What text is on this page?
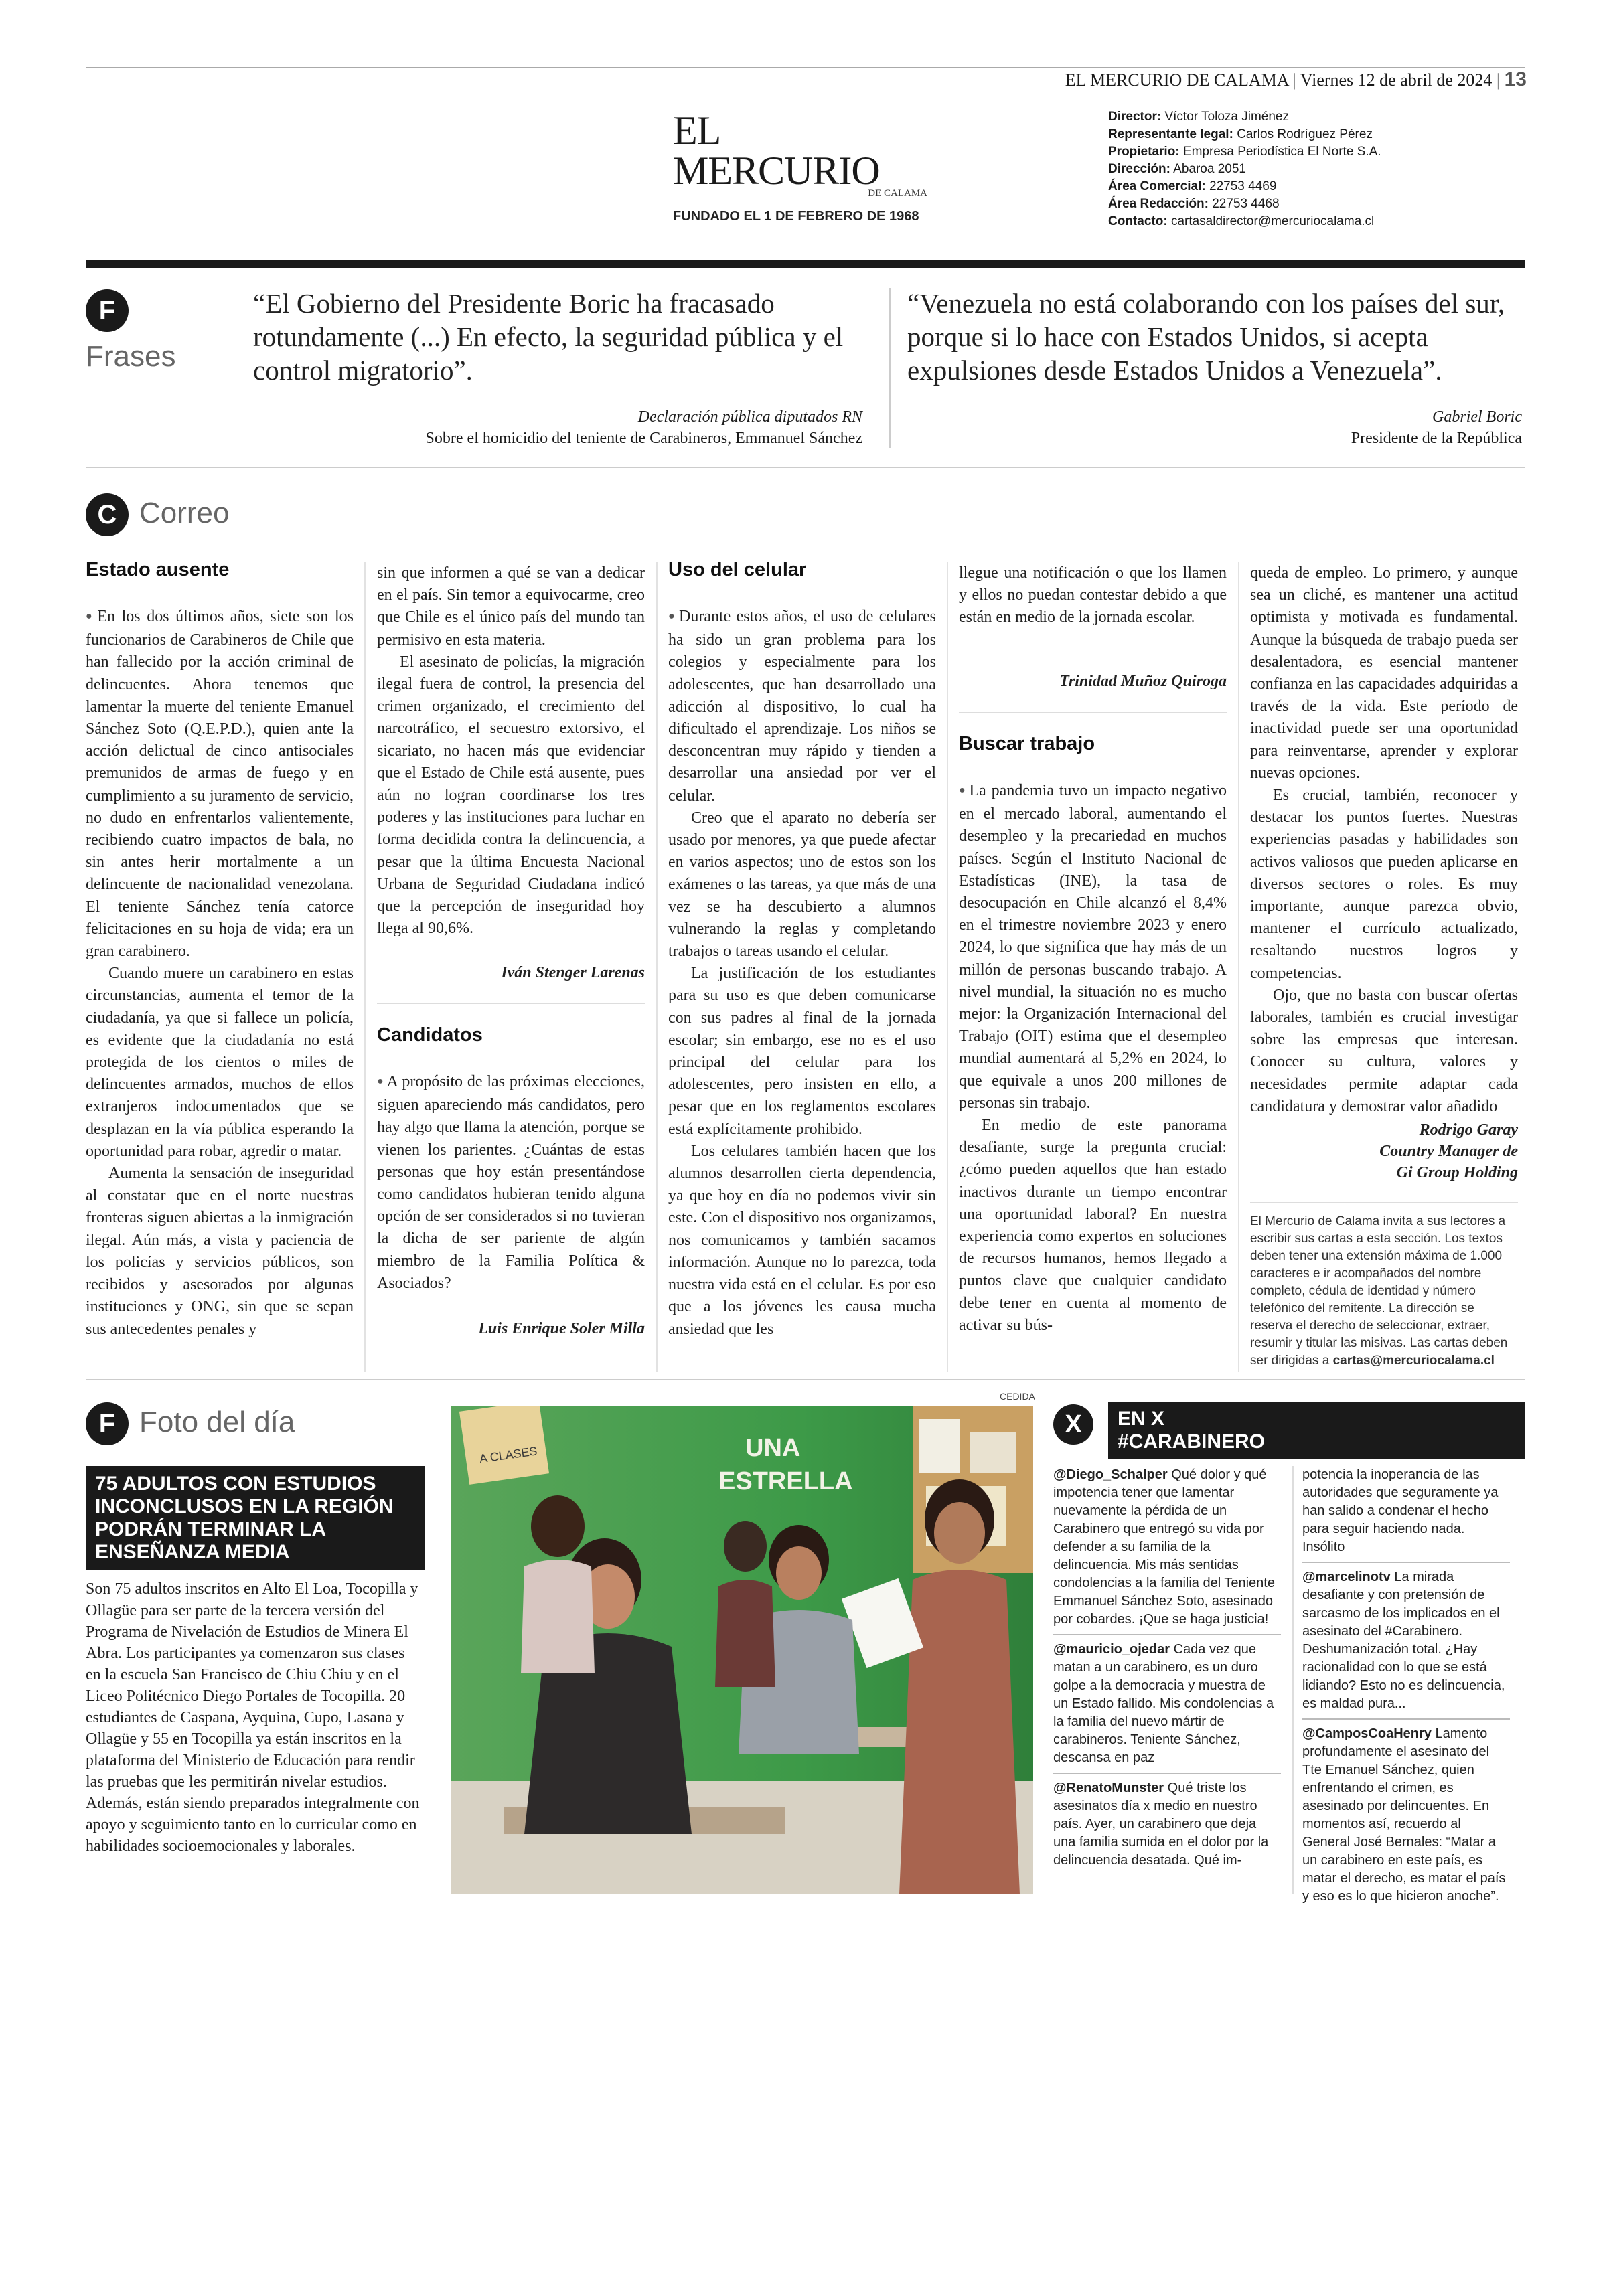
EL MERCURIO DE CALAMA | Viernes 12 de abril de 2024 | 13
EL MERCURIO
DE CALAMA
FUNDADO EL 1 DE FEBRERO DE 1968
Director: Víctor Toloza Jiménez
Representante legal: Carlos Rodríguez Pérez
Propietario: Empresa Periodística El Norte S.A.
Dirección: Abaroa 2051
Área Comercial: 22753 4469
Área Redacción: 22753 4468
Contacto: cartasaldirector@mercuriocalama.cl
F
Frases
“El Gobierno del Presidente Boric ha fracasado rotundamente (...) En efecto, la seguridad pública y el control migratorio”.
Declaración pública diputados RN
Sobre el homicidio del teniente de Carabineros, Emmanuel Sánchez
“Venezuela no está colaborando con los países del sur, porque si lo hace con Estados Unidos, si acepta expulsiones desde Estados Unidos a Venezuela”.
Gabriel Boric
Presidente de la República
C Correo
Estado ausente

● En los dos últimos años, siete son los funcionarios de Carabineros de Chile que han fallecido por la acción criminal de delincuentes. Ahora tenemos que lamentar la muerte del teniente Emanuel Sánchez Soto (Q.E.P.D.), quien ante la acción delictual de cinco antisociales premunidos de armas de fuego y en cumplimiento a su juramento de servicio, no dudo en enfrentarlos valientemente, recibiendo cuatro impactos de bala, no sin antes herir mortalmente a un delincuente de nacionalidad venezolana. El teniente Sánchez tenía catorce felicitaciones en su hoja de vida; era un gran carabinero.

Cuando muere un carabinero en estas circunstancias, aumenta el temor de la ciudadanía, ya que si fallece un policía, es evidente que la ciudadanía no está protegida de los cientos o miles de delincuentes armados, muchos de ellos extranjeros indocumentados que se desplazan en la vía pública esperando la oportunidad para robar, agredir o matar.

Aumenta la sensación de inseguridad al constatar que en el norte nuestras fronteras siguen abiertas a la inmigración ilegal. Aún más, a vista y paciencia de los policías y servicios públicos, son recibidos y asesorados por algunas instituciones y ONG, sin que se sepan sus antecedentes penales y

sin que informen a qué se van a dedicar en el país. Sin temor a equivocarme, creo que Chile es el único país del mundo tan permisivo en esta materia.

El asesinato de policías, la migración ilegal fuera de control, la presencia del crimen organizado, el crecimiento del narcotráfico, el secuestro extorsivo, el sicariato, no hacen más que evidenciar que el Estado de Chile está ausente, pues aún no logran coordinarse los tres poderes y las instituciones para luchar en forma decidida contra la delincuencia, a pesar que la última Encuesta Nacional Urbana de Seguridad Ciudadana indicó que la percepción de inseguridad hoy llega al 90,6%.

Iván Stenger Larenas
Candidatos

● A propósito de las próximas elecciones, siguen apareciendo más candidatos, pero hay algo que llama la atención, porque se vienen los parientes. ¿Cuántas de estas personas que hoy están presentándose como candidatos hubieran tenido alguna opción de ser considerados si no tuvieran la dicha de ser pariente de algún miembro de la Familia Política & Asociados?

Luis Enrique Soler Milla
Uso del celular

● Durante estos años, el uso de celulares ha sido un gran problema para los colegios y especialmente para los adolescentes, que han desarrollado una adicción al dispositivo, lo cual ha dificultado el aprendizaje. Los niños se desconcentran muy rápido y tienden a desarrollar una ansiedad por ver el celular.

Creo que el aparato no debería ser usado por menores, ya que puede afectar en varios aspectos; uno de estos son los exámenes o las tareas, ya que más de una vez se ha descubierto a alumnos vulnerando la reglas y completando trabajos o tareas usando el celular.

La justificación de los estudiantes para su uso es que deben comunicarse con sus padres al final de la jornada escolar; sin embargo, ese no es el uso principal del celular para los adolescentes, pero insisten en ello, a pesar que en los reglamentos escolares está explícitamente prohibido.

Los celulares también hacen que los alumnos desarrollen cierta dependencia, ya que hoy en día no podemos vivir sin este. Con el dispositivo nos organizamos, nos comunicamos y también sacamos información. Aunque no lo parezca, toda nuestra vida está en el celular. Es por eso que a los jóvenes les causa mucha ansiedad que les

llegue una notificación o que los llamen y ellos no puedan contestar debido a que están en medio de la jornada escolar.

Trinidad Muñoz Quiroga
Buscar trabajo

● La pandemia tuvo un impacto negativo en el mercado laboral, aumentando el desempleo y la precariedad en muchos países. Según el Instituto Nacional de Estadísticas (INE), la tasa de desocupación en Chile alcanzó el 8,4% en el trimestre noviembre 2023 y enero 2024, lo que significa que hay más de un millón de personas buscando trabajo. A nivel mundial, la situación no es mucho mejor: la Organización Internacional del Trabajo (OIT) estima que el desempleo mundial aumentará al 5,2% en 2024, lo que equivale a unos 200 millones de personas sin trabajo.

En medio de este panorama desafiante, surge la pregunta crucial: ¿cómo pueden aquellos que han estado inactivos durante un tiempo encontrar una oportunidad laboral? En nuestra experiencia como expertos en soluciones de recursos humanos, hemos llegado a puntos clave que cualquier candidato debe tener en cuenta al momento de activar su bús-

queda de empleo. Lo primero, y aunque sea un cliché, es mantener una actitud optimista y motivada es fundamental. Aunque la búsqueda de trabajo pueda ser desalentadora, es esencial mantener confianza en las capacidades adquiridas a través de la vida. Este período de inactividad puede ser una oportunidad para reinventarse, aprender y explorar nuevas opciones.

Es crucial, también, reconocer y destacar los puntos fuertes. Nuestras experiencias pasadas y habilidades son activos valiosos que pueden aplicarse en diversos sectores o roles. Es muy importante, aunque parezca obvio, mantener el currículo actualizado, resaltando nuestros logros y competencias.

Ojo, que no basta con buscar ofertas laborales, también es crucial investigar sobre las empresas que interesan. Conocer su cultura, valores y necesidades permite adaptar cada candidatura y demostrar valor añadido

Rodrigo Garay
Country Manager de
Gi Group Holding
El Mercurio de Calama invita a sus lectores a escribir sus cartas a esta sección. Los textos deben tener una extensión máxima de 1.000 caracteres e ir acompañados del nombre completo, cédula de identidad y número telefónico del remitente. La dirección se reserva el derecho de seleccionar, extraer, resumir y titular las misivas. Las cartas deben ser dirigidas a cartas@mercuriocalama.cl
F Foto del día
75 ADULTOS CON ESTUDIOS INCONCLUSOS EN LA REGIÓN PODRÁN TERMINAR LA ENSEÑANZA MEDIA
Son 75 adultos inscritos en Alto El Loa, Tocopilla y Ollagüe para ser parte de la tercera versión del Programa de Nivelación de Estudios de Minera El Abra. Los participantes ya comenzaron sus clases en la escuela San Francisco de Chiu Chiu y en el Liceo Politécnico Diego Portales de Tocopilla. 20 estudiantes de Caspana, Ayquina, Cupo, Lasana y Ollagüe y 55 en Tocopilla ya están inscritos en la plataforma del Ministerio de Educación para rendir las pruebas que les permitirán nivelar estudios. Además, están siendo preparados integralmente con apoyo y seguimiento tanto en lo curricular como en habilidades socioemocionales y laborales.
CEDIDA
UNA
ESTRELLA
A CLASES
X	EN X
#CARABINERO
@Diego_Schalper Qué dolor y qué impotencia tener que lamentar nuevamente la pérdida de un Carabinero que entregó su vida por defender a su familia de la delincuencia. Mis más sentidas condolencias a la familia del Teniente Emmanuel Sánchez Soto, asesinado por cobardes. ¡Que se haga justicia!
@mauricio_ojedar Cada vez que matan a un carabinero, es un duro golpe a la democracia y muestra de un Estado fallido. Mis condolencias a la familia del nuevo mártir de carabineros. Teniente Sánchez, descansa en paz
@RenatoMunster Qué triste los asesinatos día x medio en nuestro país. Ayer, un carabinero que deja una familia sumida en el dolor por la delincuencia desatada. Qué im-
potencia la inoperancia de las autoridades que seguramente ya han salido a condenar el hecho para seguir haciendo nada. Insólito
@marcelinotv La mirada desafiante y con pretensión de sarcasmo de los implicados en el asesinato del #Carabinero. Deshumanización total. ¿Hay racionalidad con lo que se está lidiando? Esto no es delincuencia, es maldad pura...
@CamposCoaHenry Lamento profundamente el asesinato del Tte Emanuel Sánchez, quien enfrentando el crimen, es asesinado por delincuentes. En momentos así, recuerdo al General José Bernales: “Matar a un carabinero en este país, es matar el derecho, es matar el país y eso es lo que hicieron anoche”.
